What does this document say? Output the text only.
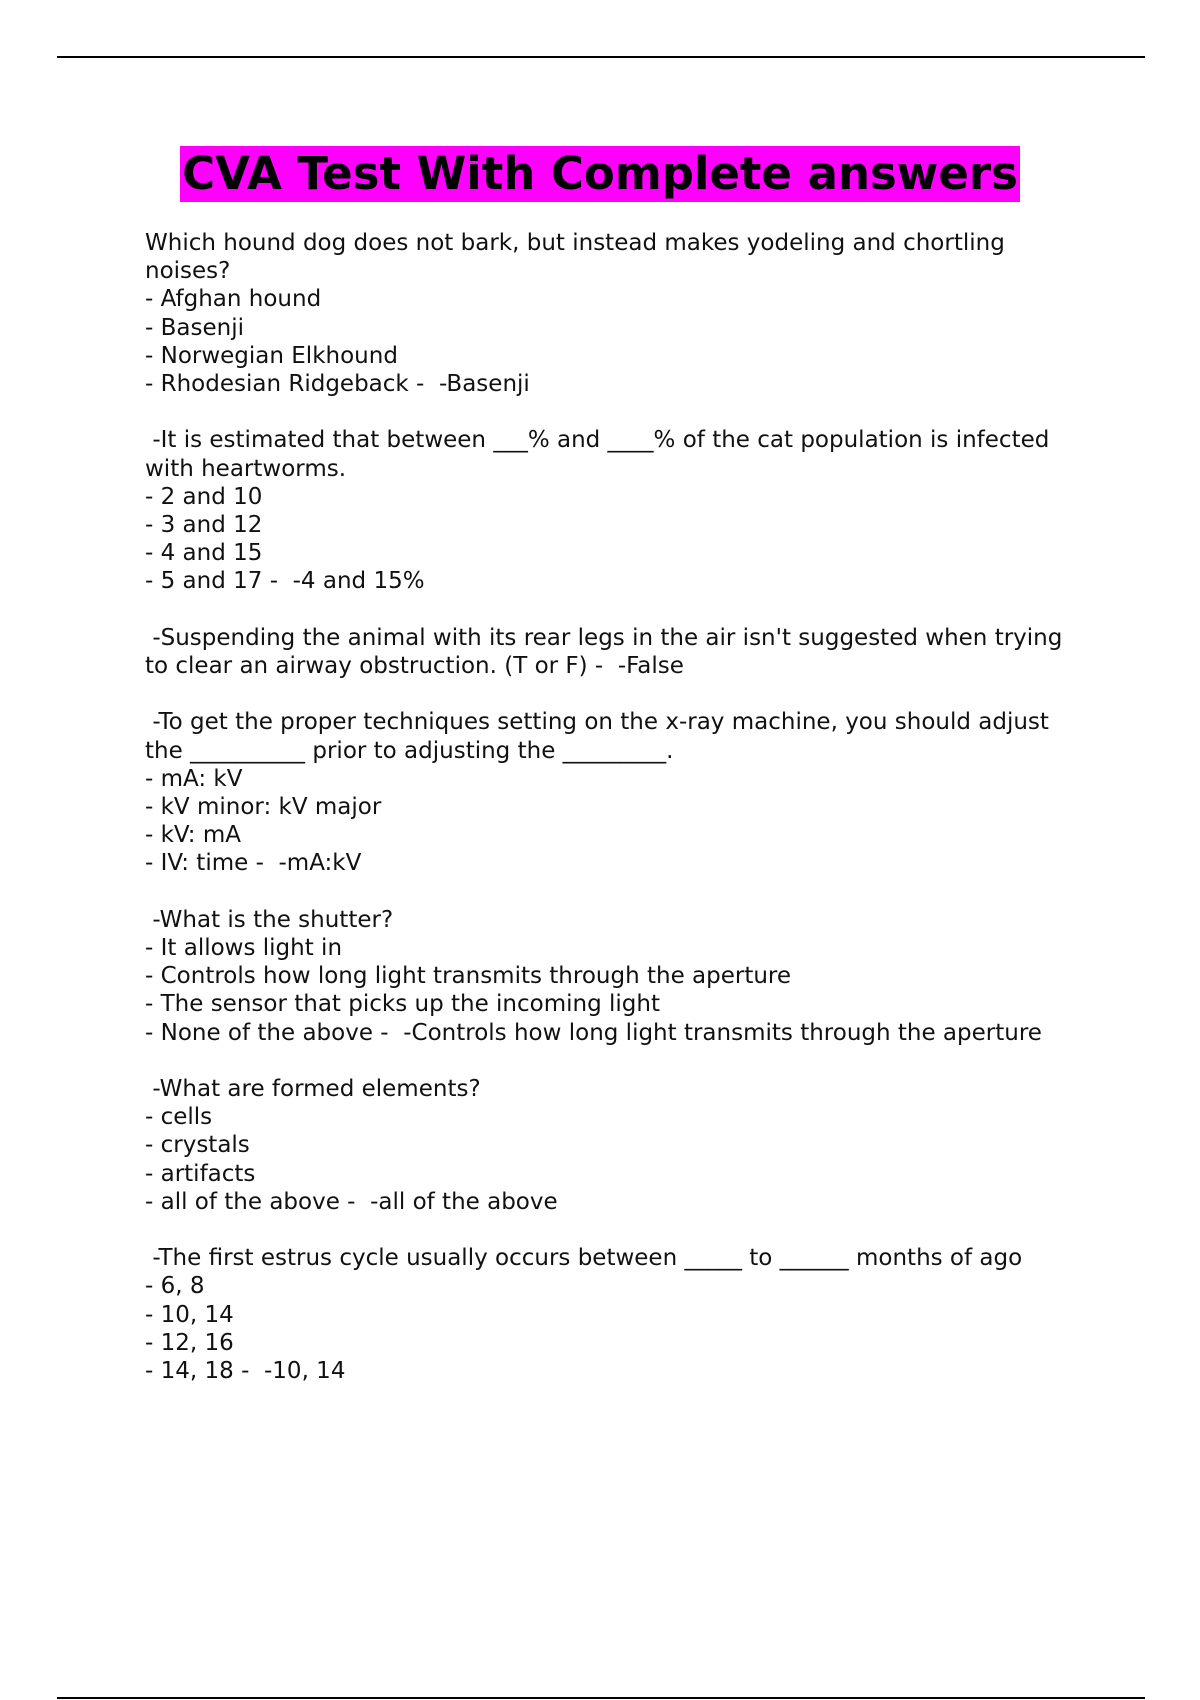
CVA Test With Complete answers
Which hound dog does not bark, but instead makes yodeling and chortling noises?
- Afghan hound
- Basenji
- Norwegian Elkhound
- Rhodesian Ridgeback -  -Basenji
-It is estimated that between ___% and ____% of the cat population is infected with heartworms.
- 2 and 10
- 3 and 12
- 4 and 15
- 5 and 17 -  -4 and 15%
-Suspending the animal with its rear legs in the air isn't suggested when trying to clear an airway obstruction. (T or F) -  -False
-To get the proper techniques setting on the x-ray machine, you should adjust the __________ prior to adjusting the _________.
- mA: kV
- kV minor: kV major
- kV: mA
- IV: time -  -mA:kV
-What is the shutter?
- It allows light in
- Controls how long light transmits through the aperture
- The sensor that picks up the incoming light
- None of the above -  -Controls how long light transmits through the aperture
-What are formed elements?
- cells
- crystals
- artifacts
- all of the above -  -all of the above
-The first estrus cycle usually occurs between _____ to ______ months of ago
- 6, 8
- 10, 14
- 12, 16
- 14, 18 -  -10, 14
